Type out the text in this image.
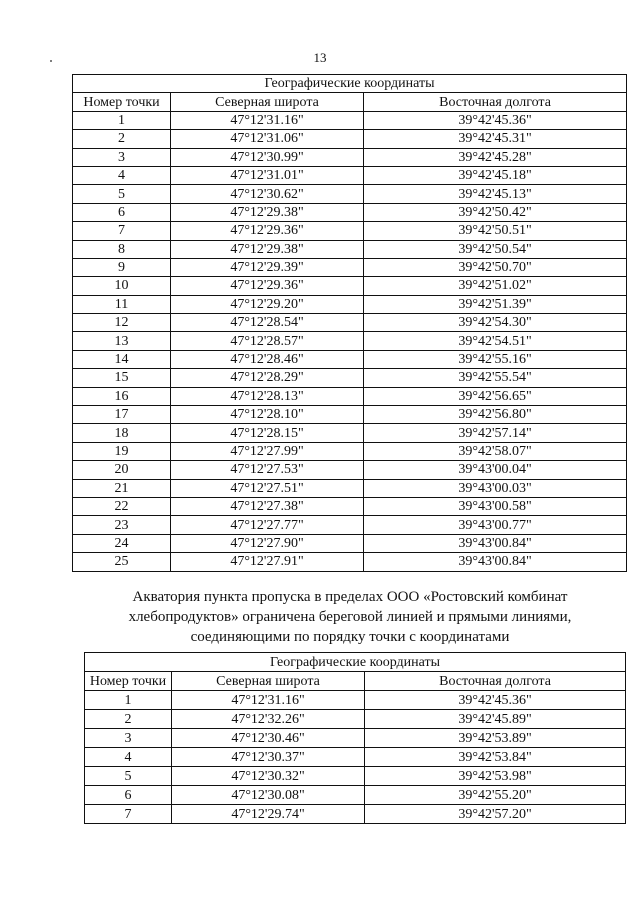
13
Географические координаты		
Номер точки	Северная широта	Восточная долгота
1	47°12'31.16"	39°42'45.36"
2	47°12'31.06"	39°42'45.31"
3	47°12'30.99"	39°42'45.28"
4	47°12'31.01"	39°42'45.18"
5	47°12'30.62"	39°42'45.13"
6	47°12'29.38"	39°42'50.42"
7	47°12'29.36"	39°42'50.51"
8	47°12'29.38"	39°42'50.54"
9	47°12'29.39"	39°42'50.70"
10	47°12'29.36"	39°42'51.02"
11	47°12'29.20"	39°42'51.39"
12	47°12'28.54"	39°42'54.30"
13	47°12'28.57"	39°42'54.51"
14	47°12'28.46"	39°42'55.16"
15	47°12'28.29"	39°42'55.54"
16	47°12'28.13"	39°42'56.65"
17	47°12'28.10"	39°42'56.80"
18	47°12'28.15"	39°42'57.14"
19	47°12'27.99"	39°42'58.07"
20	47°12'27.53"	39°43'00.04"
21	47°12'27.51"	39°43'00.03"
22	47°12'27.38"	39°43'00.58"
23	47°12'27.77"	39°43'00.77"
24	47°12'27.90"	39°43'00.84"
25	47°12'27.91"	39°43'00.84"
Акватория пункта пропуска в пределах ООО «Ростовский комбинат
хлебопродуктов» ограничена береговой линией и прямыми линиями,
соединяющими по порядку точки с координатами
Географические координаты		
Номер точки	Северная широта	Восточная долгота
1	47°12'31.16"	39°42'45.36"
2	47°12'32.26"	39°42'45.89"
3	47°12'30.46"	39°42'53.89"
4	47°12'30.37"	39°42'53.84"
5	47°12'30.32"	39°42'53.98"
6	47°12'30.08"	39°42'55.20"
7	47°12'29.74"	39°42'57.20"
